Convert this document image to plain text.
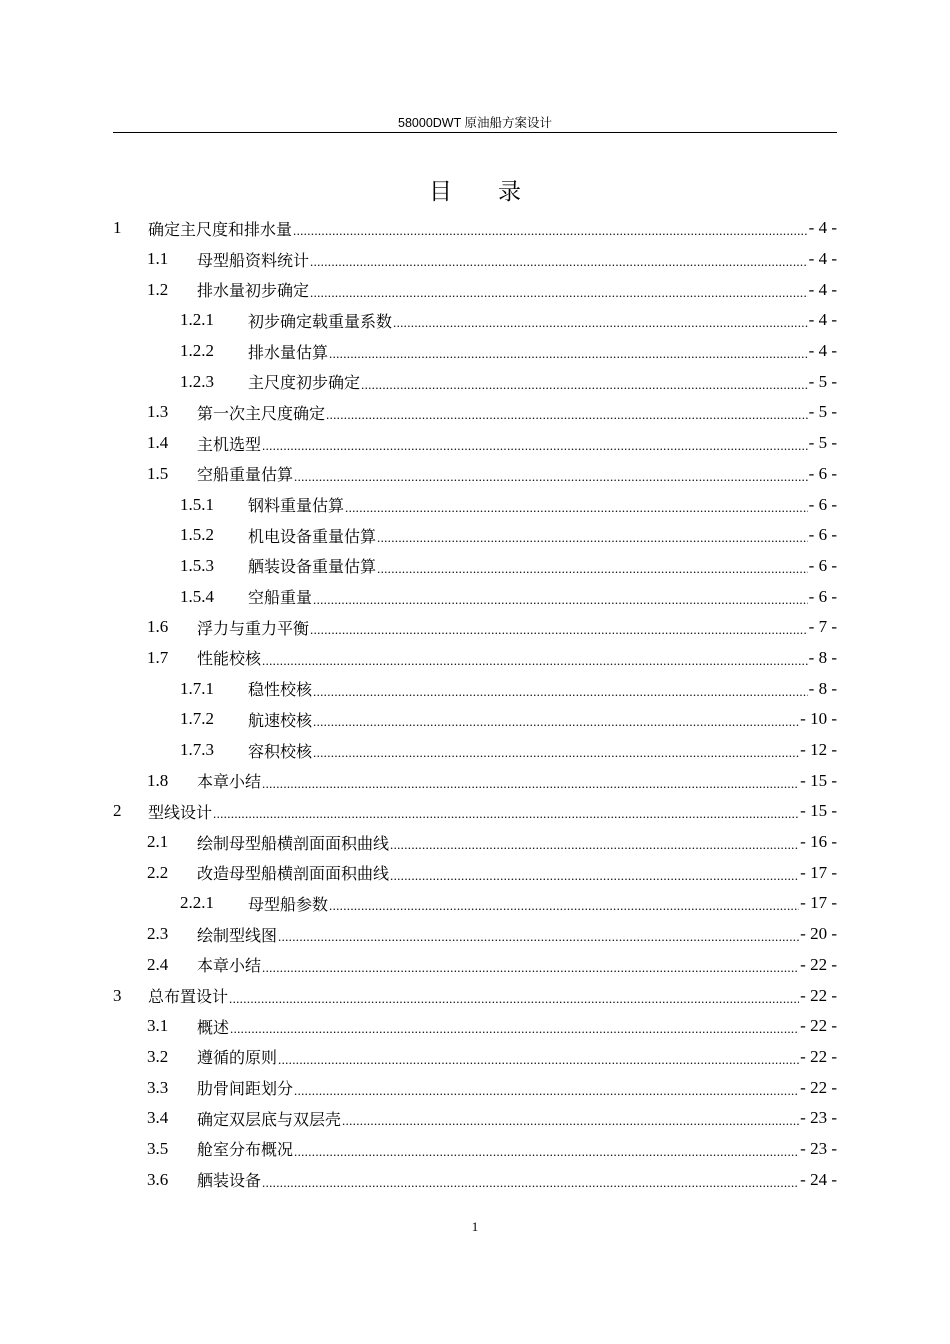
58000DWT 原油船方案设计
目 录
1	确定主尺度和排水量 .....	- 4 -
1.1	母型船资料统计 .....	- 4 -
1.2	排水量初步确定 .....	- 4 -
1.2.1	初步确定载重量系数 .....	- 4 -
1.2.2	排水量估算 .....	- 4 -
1.2.3	主尺度初步确定 .....	- 5 -
1.3	第一次主尺度确定 .....	- 5 -
1.4	主机选型 .....	- 5 -
1.5	空船重量估算 .....	- 6 -
1.5.1	钢料重量估算 .....	- 6 -
1.5.2	机电设备重量估算 .....	- 6 -
1.5.3	舾装设备重量估算 .....	- 6 -
1.5.4	空船重量 .....	- 6 -
1.6	浮力与重力平衡 .....	- 7 -
1.7	性能校核 .....	- 8 -
1.7.1	稳性校核 .....	- 8 -
1.7.2	航速校核 .....	- 10 -
1.7.3	容积校核 .....	- 12 -
1.8	本章小结 .....	- 15 -
2	型线设计 .....	- 15 -
2.1	绘制母型船横剖面面积曲线 .....	- 16 -
2.2	改造母型船横剖面面积曲线 .....	- 17 -
2.2.1	母型船参数 .....	- 17 -
2.3	绘制型线图 .....	- 20 -
2.4	本章小结 .....	- 22 -
3	总布置设计 .....	- 22 -
3.1	概述 .....	- 22 -
3.2	遵循的原则 .....	- 22 -
3.3	肋骨间距划分 .....	- 22 -
3.4	确定双层底与双层壳 .....	- 23 -
3.5	舱室分布概况 .....	- 23 -
3.6	舾装设备 .....	- 24 -
1
